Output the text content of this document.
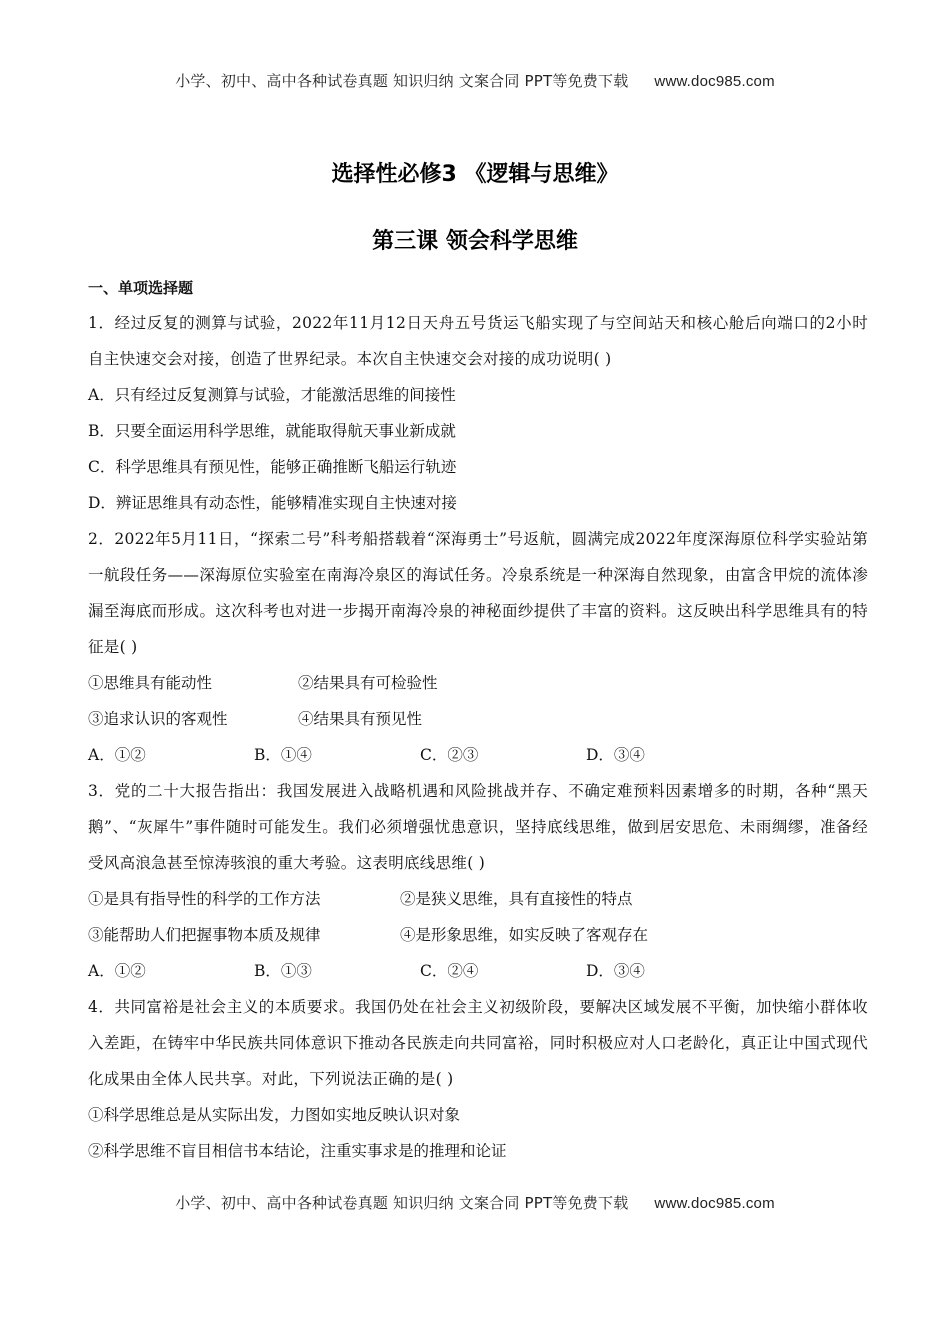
小学、初中、高中各种试卷真题 知识归纳 文案合同 PPT等免费下载 www.doc985.com
选择性必修3 《逻辑与思维》
第三课 领会科学思维
一、单项选择题
1．经过反复的测算与试验，2022年11月12日天舟五号货运飞船实现了与空间站天和核心舱后向端口的2小时自主快速交会对接，创造了世界纪录。本次自主快速交会对接的成功说明( )
A．只有经过反复测算与试验，才能激活思维的间接性
B．只要全面运用科学思维，就能取得航天事业新成就
C．科学思维具有预见性，能够正确推断飞船运行轨迹
D．辨证思维具有动态性，能够精准实现自主快速对接
2．2022年5月11日，“探索二号”科考船搭载着“深海勇士”号返航，圆满完成2022年度深海原位科学实验站第一航段任务——深海原位实验室在南海冷泉区的海试任务。冷泉系统是一种深海自然现象，由富含甲烷的流体渗漏至海底而形成。这次科考也对进一步揭开南海冷泉的神秘面纱提供了丰富的资料。这反映出科学思维具有的特征是( )
①思维具有能动性	②结果具有可检验性
③追求认识的客观性	④结果具有预见性
A．①②	B．①④	C．②③	D．③④
3．党的二十大报告指出：我国发展进入战略机遇和风险挑战并存、不确定难预料因素增多的时期，各种“黑天鹅”、“灰犀牛”事件随时可能发生。我们必须增强忧患意识，坚持底线思维，做到居安思危、未雨绸缪，准备经受风高浪急甚至惊涛骇浪的重大考验。这表明底线思维( )
①是具有指导性的科学的工作方法	②是狭义思维，具有直接性的特点
③能帮助人们把握事物本质及规律	④是形象思维，如实反映了客观存在
A．①②	B．①③	C．②④	D．③④
4．共同富裕是社会主义的本质要求。我国仍处在社会主义初级阶段，要解决区域发展不平衡，加快缩小群体收入差距，在铸牢中华民族共同体意识下推动各民族走向共同富裕，同时积极应对人口老龄化，真正让中国式现代化成果由全体人民共享。对此，下列说法正确的是( )
①科学思维总是从实际出发，力图如实地反映认识对象
②科学思维不盲目相信书本结论，注重实事求是的推理和论证
小学、初中、高中各种试卷真题 知识归纳 文案合同 PPT等免费下载 www.doc985.com
